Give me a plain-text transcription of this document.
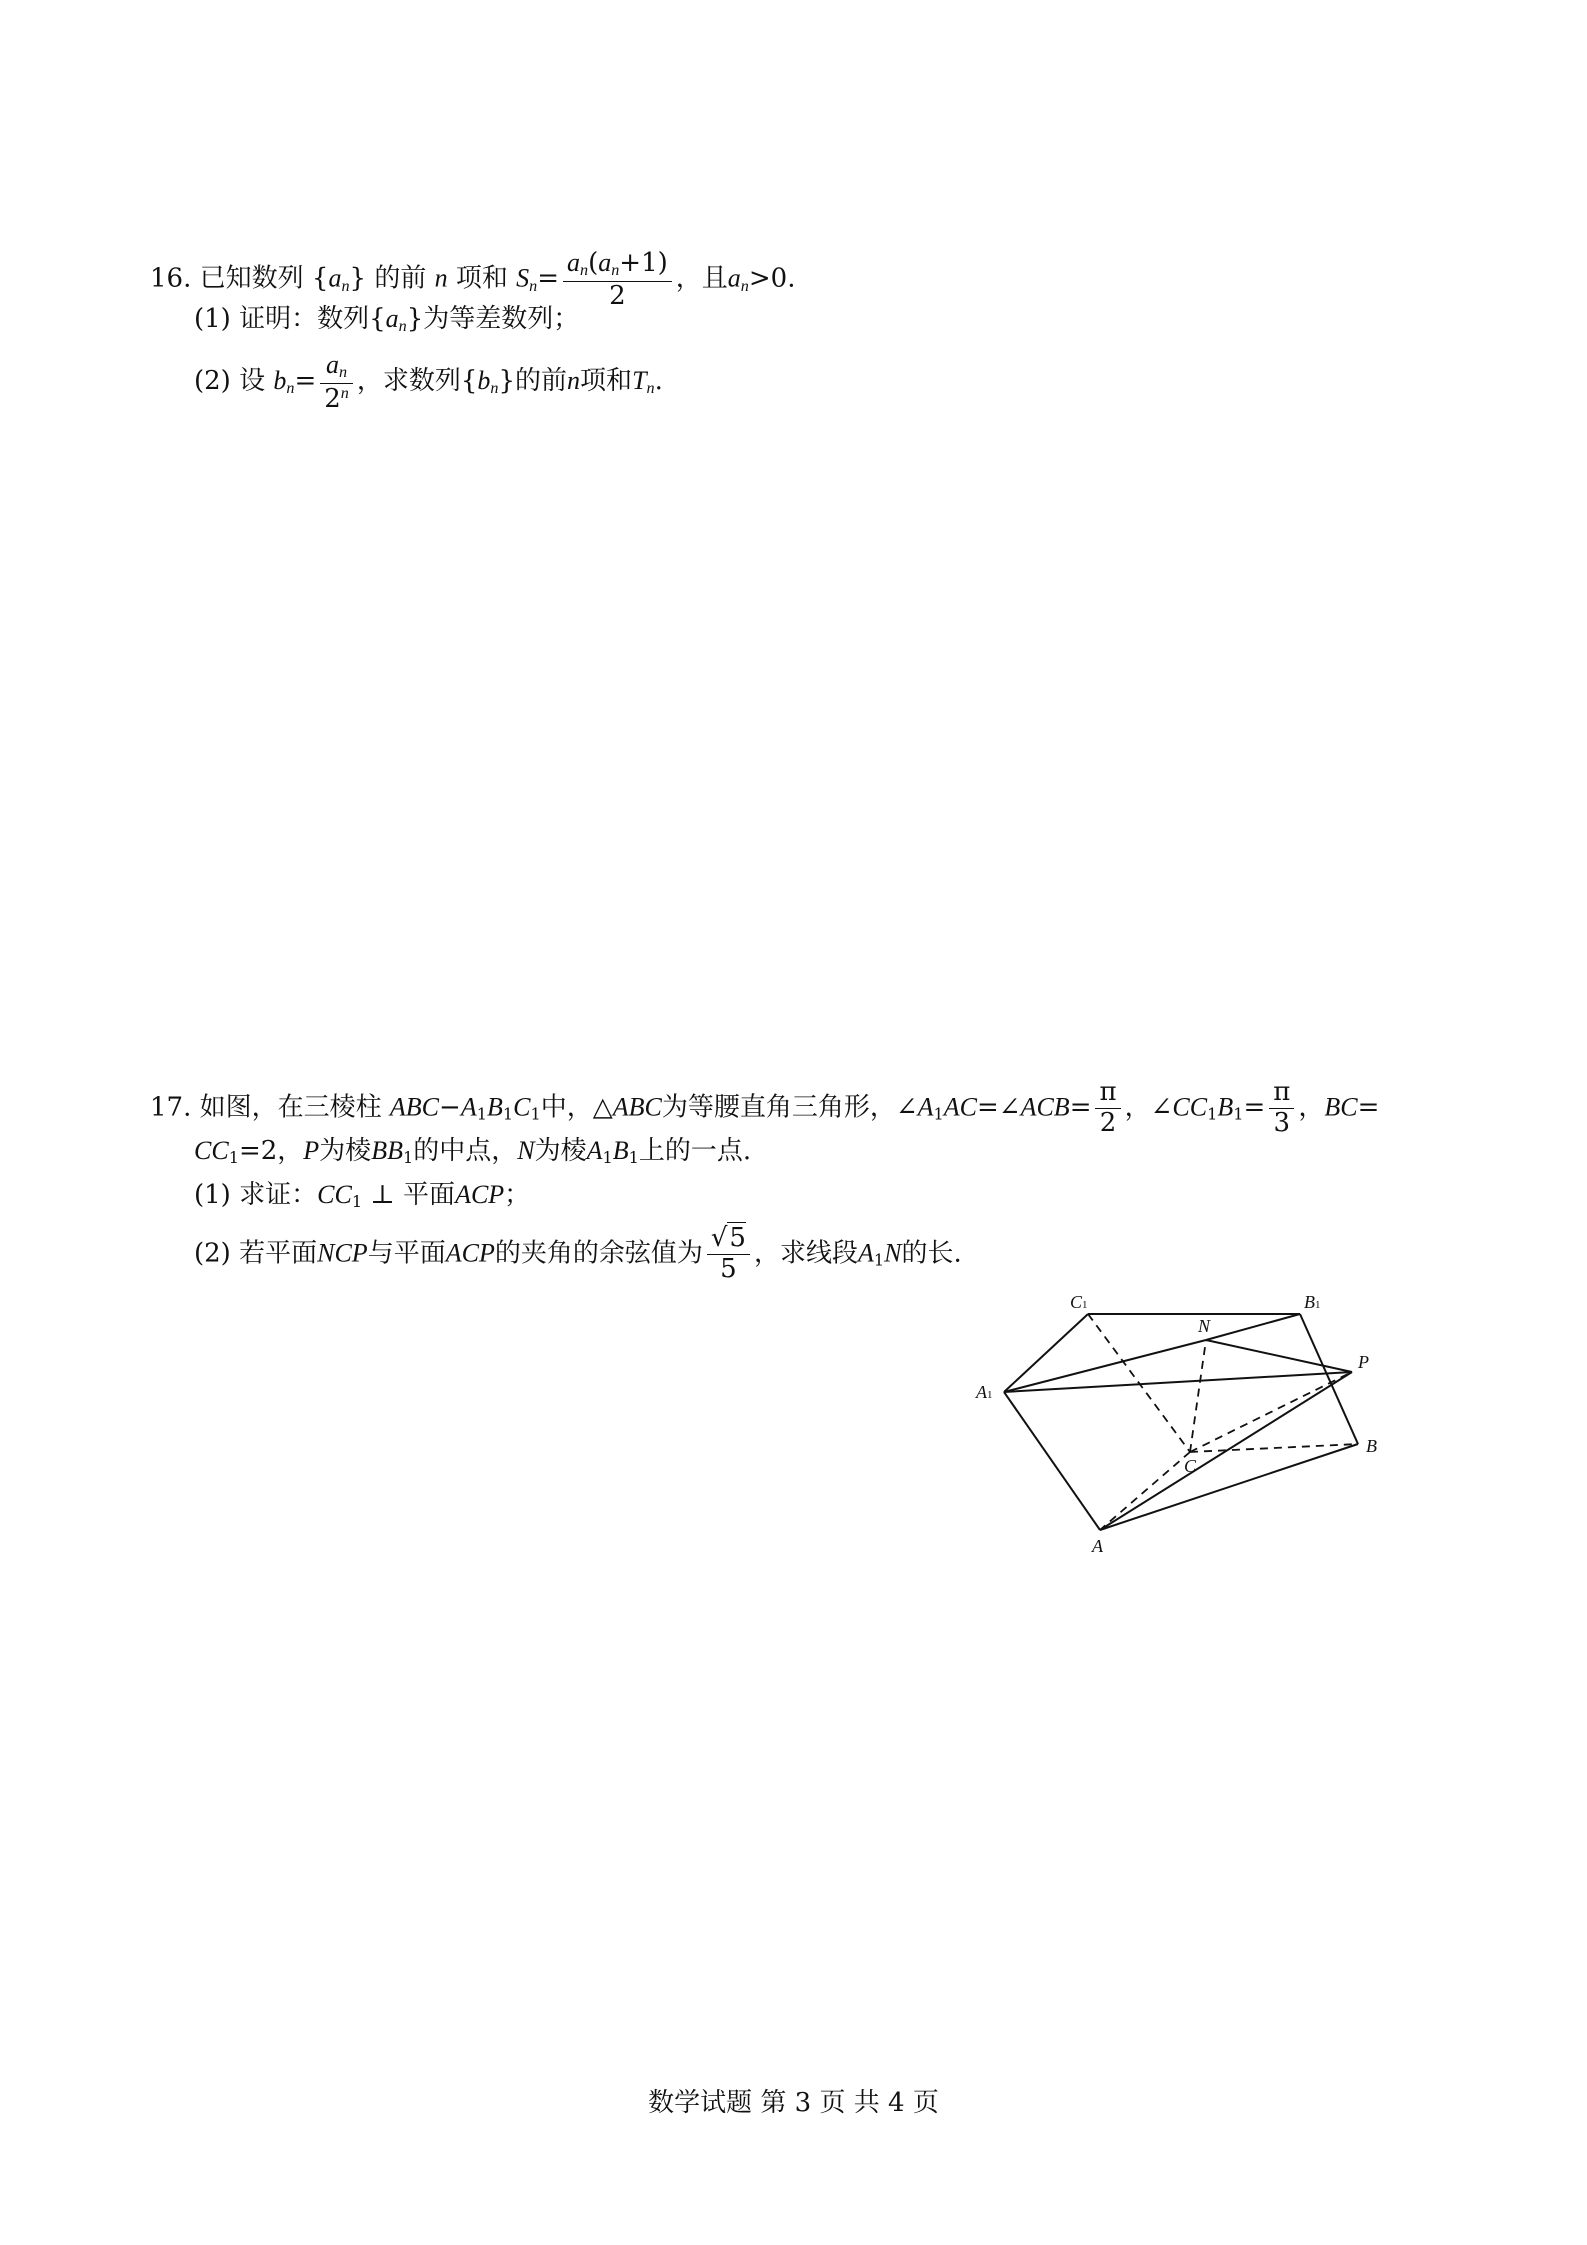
16. 已知数列 $\{a_n\}$ 的前 n 项和 $S_n= \frac{a_n(a_n+1)}{2}$ ，且$a_n>0$.
(1) 证明：数列$\{a_n\}$为等差数列；
(2) 设 $b_n= \frac{a_n}{2^n}$ ，求数列$\{b_n\}$的前n项和$T_n$.
17. 如图，在三棱柱 $ABC-A_1B_1C_1$中，△ABC为等腰直角三角形，$\angle A_1AC=\angle ACB= \frac{\pi}{2}$ ，$\angle CC_1B_1= \frac{\pi}{3}$ ，BC=
$CC_1=2$，P为棱$BB_1$的中点，N为棱$A_1B_1$上的一点.
(1) 求证：$CC_1$ ⊥ 平面ACP；
(2) 若平面NCP与平面ACP的夹角的余弦值为 $\frac{√5}{5}$ ，求线段$A_1N$的长.
C1	B1
N
P
A1
C
B
A
数学试题 第 3 页 共 4 页
